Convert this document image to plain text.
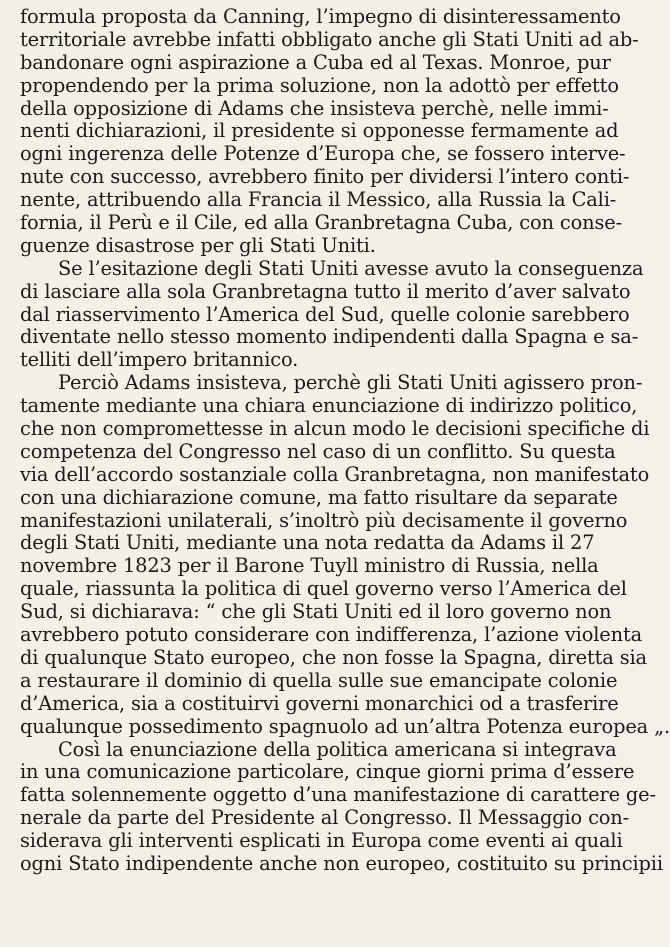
formula proposta da Canning, l’impegno di disinteressamento
territoriale avrebbe infatti obbligato anche gli Stati Uniti ad ab-
bandonare ogni aspirazione a Cuba ed al Texas. Monroe, pur
propendendo per la prima soluzione, non la adottò per effetto
della opposizione di Adams che insisteva perchè, nelle immi-
nenti dichiarazioni, il presidente si opponesse fermamente ad
ogni ingerenza delle Potenze d’Europa che, se fossero interve-
nute con successo, avrebbero finito per dividersi l’intero conti-
nente, attribuendo alla Francia il Messico, alla Russia la Cali-
fornia, il Perù e il Cile, ed alla Granbretagna Cuba, con conse-
guenze disastrose per gli Stati Uniti.
Se l’esitazione degli Stati Uniti avesse avuto la conseguenza
di lasciare alla sola Granbretagna tutto il merito d’aver salvato
dal riasservimento l’America del Sud, quelle colonie sarebbero
diventate nello stesso momento indipendenti dalla Spagna e sa-
telliti dell’impero britannico.
Perciò Adams insisteva, perchè gli Stati Uniti agissero pron-
tamente mediante una chiara enunciazione di indirizzo politico,
che non compromettesse in alcun modo le decisioni specifiche di
competenza del Congresso nel caso di un conflitto. Su questa
via dell’accordo sostanziale colla Granbretagna, non manifestato
con una dichiarazione comune, ma fatto risultare da separate
manifestazioni unilaterali, s’inoltrò più decisamente il governo
degli Stati Uniti, mediante una nota redatta da Adams il 27
novembre 1823 per il Barone Tuyll ministro di Russia, nella
quale, riassunta la politica di quel governo verso l’America del
Sud, si dichiarava: “ che gli Stati Uniti ed il loro governo non
avrebbero potuto considerare con indifferenza, l’azione violenta
di qualunque Stato europeo, che non fosse la Spagna, diretta sia
a restaurare il dominio di quella sulle sue emancipate colonie
d’America, sia a costituirvi governi monarchici od a trasferire
qualunque possedimento spagnuolo ad un’altra Potenza europea „.
Così la enunciazione della politica americana si integrava
in una comunicazione particolare, cinque giorni prima d’essere
fatta solennemente oggetto d’una manifestazione di carattere ge-
nerale da parte del Presidente al Congresso. Il Messaggio con-
siderava gli interventi esplicati in Europa come eventi ai quali
ogni Stato indipendente anche non europeo, costituito su principii
